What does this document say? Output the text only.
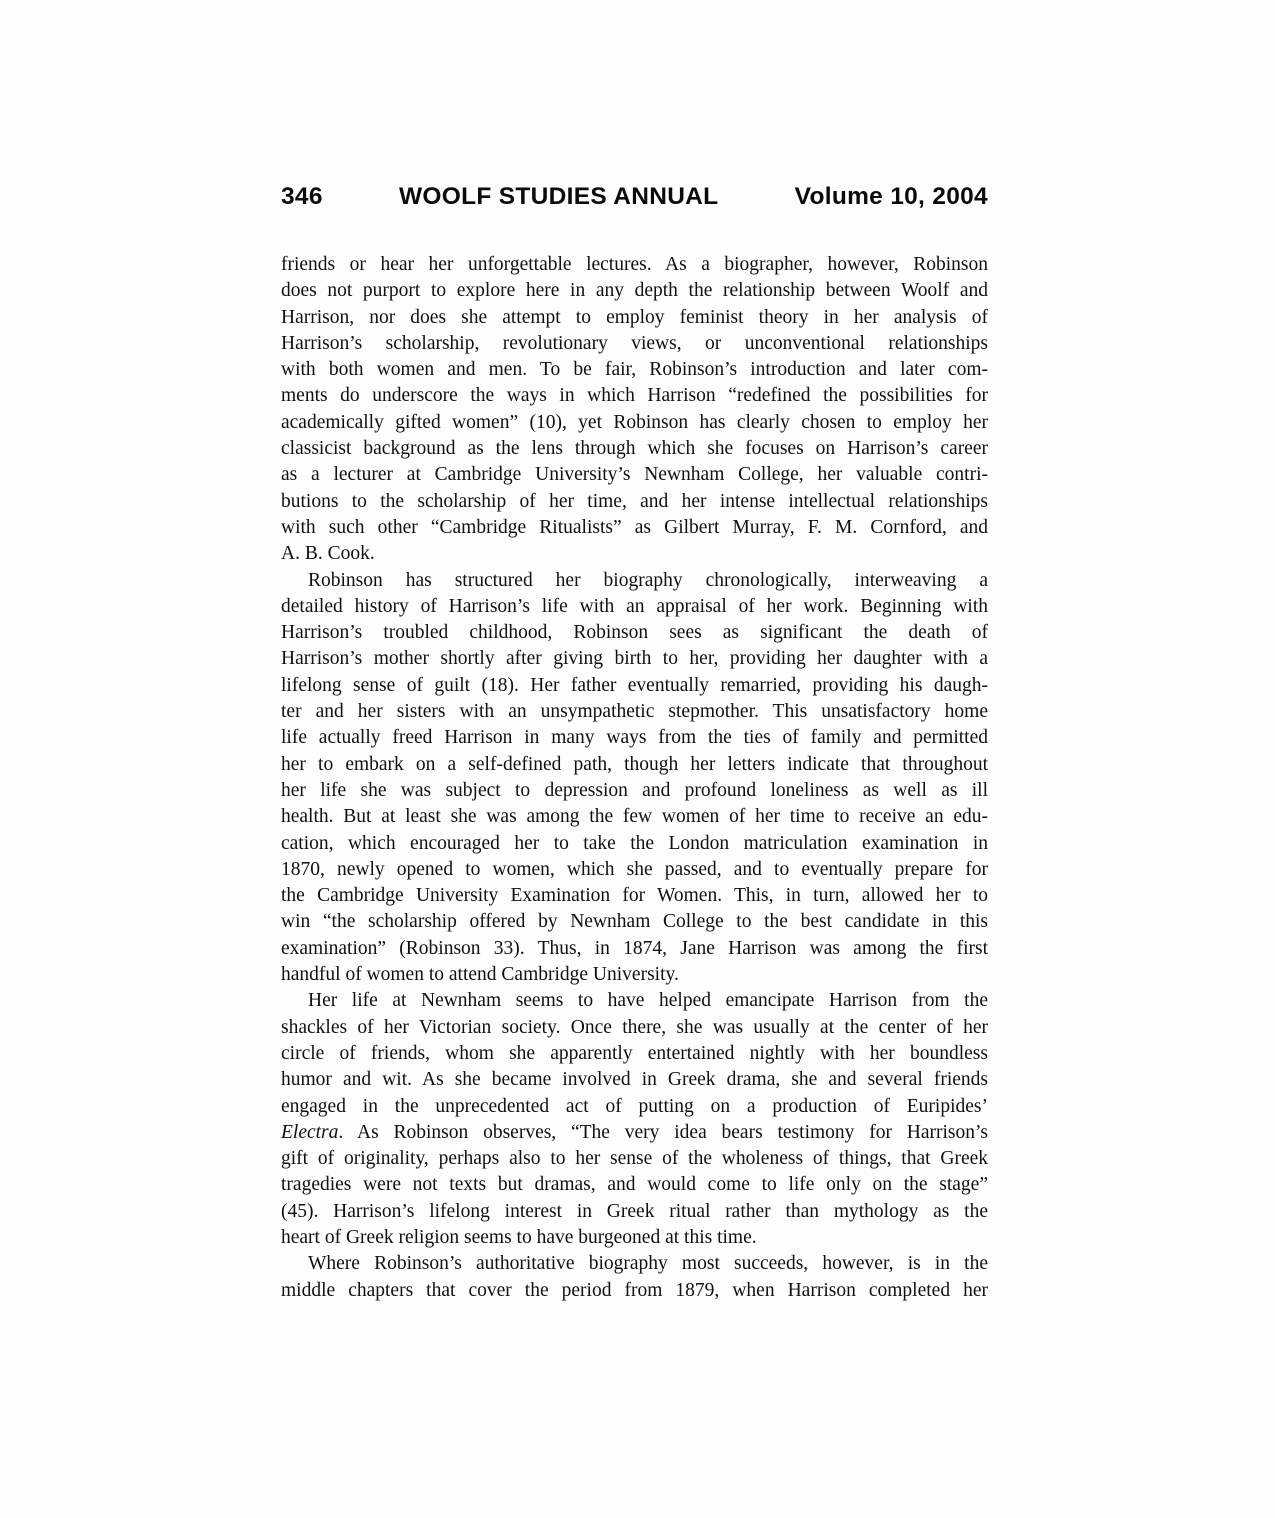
346	WOOLF STUDIES ANNUAL	Volume 10, 2004
friends or hear her unforgettable lectures. As a biographer, however, Robinson
does not purport to explore here in any depth the relationship between Woolf and
Harrison, nor does she attempt to employ feminist theory in her analysis of
Harrison’s scholarship, revolutionary views, or unconventional relationships
with both women and men. To be fair, Robinson’s introduction and later com-
ments do underscore the ways in which Harrison “redefined the possibilities for
academically gifted women” (10), yet Robinson has clearly chosen to employ her
classicist background as the lens through which she focuses on Harrison’s career
as a lecturer at Cambridge University’s Newnham College, her valuable contri-
butions to the scholarship of her time, and her intense intellectual relationships
with such other “Cambridge Ritualists” as Gilbert Murray, F. M. Cornford, and
A. B. Cook.
Robinson has structured her biography chronologically, interweaving a
detailed history of Harrison’s life with an appraisal of her work. Beginning with
Harrison’s troubled childhood, Robinson sees as significant the death of
Harrison’s mother shortly after giving birth to her, providing her daughter with a
lifelong sense of guilt (18). Her father eventually remarried, providing his daugh-
ter and her sisters with an unsympathetic stepmother. This unsatisfactory home
life actually freed Harrison in many ways from the ties of family and permitted
her to embark on a self-defined path, though her letters indicate that throughout
her life she was subject to depression and profound loneliness as well as ill
health. But at least she was among the few women of her time to receive an edu-
cation, which encouraged her to take the London matriculation examination in
1870, newly opened to women, which she passed, and to eventually prepare for
the Cambridge University Examination for Women. This, in turn, allowed her to
win “the scholarship offered by Newnham College to the best candidate in this
examination” (Robinson 33). Thus, in 1874, Jane Harrison was among the first
handful of women to attend Cambridge University.
Her life at Newnham seems to have helped emancipate Harrison from the
shackles of her Victorian society. Once there, she was usually at the center of her
circle of friends, whom she apparently entertained nightly with her boundless
humor and wit. As she became involved in Greek drama, she and several friends
engaged in the unprecedented act of putting on a production of Euripides’
Electra. As Robinson observes, “The very idea bears testimony for Harrison’s
gift of originality, perhaps also to her sense of the wholeness of things, that Greek
tragedies were not texts but dramas, and would come to life only on the stage”
(45). Harrison’s lifelong interest in Greek ritual rather than mythology as the
heart of Greek religion seems to have burgeoned at this time.
Where Robinson’s authoritative biography most succeeds, however, is in the
middle chapters that cover the period from 1879, when Harrison completed her
